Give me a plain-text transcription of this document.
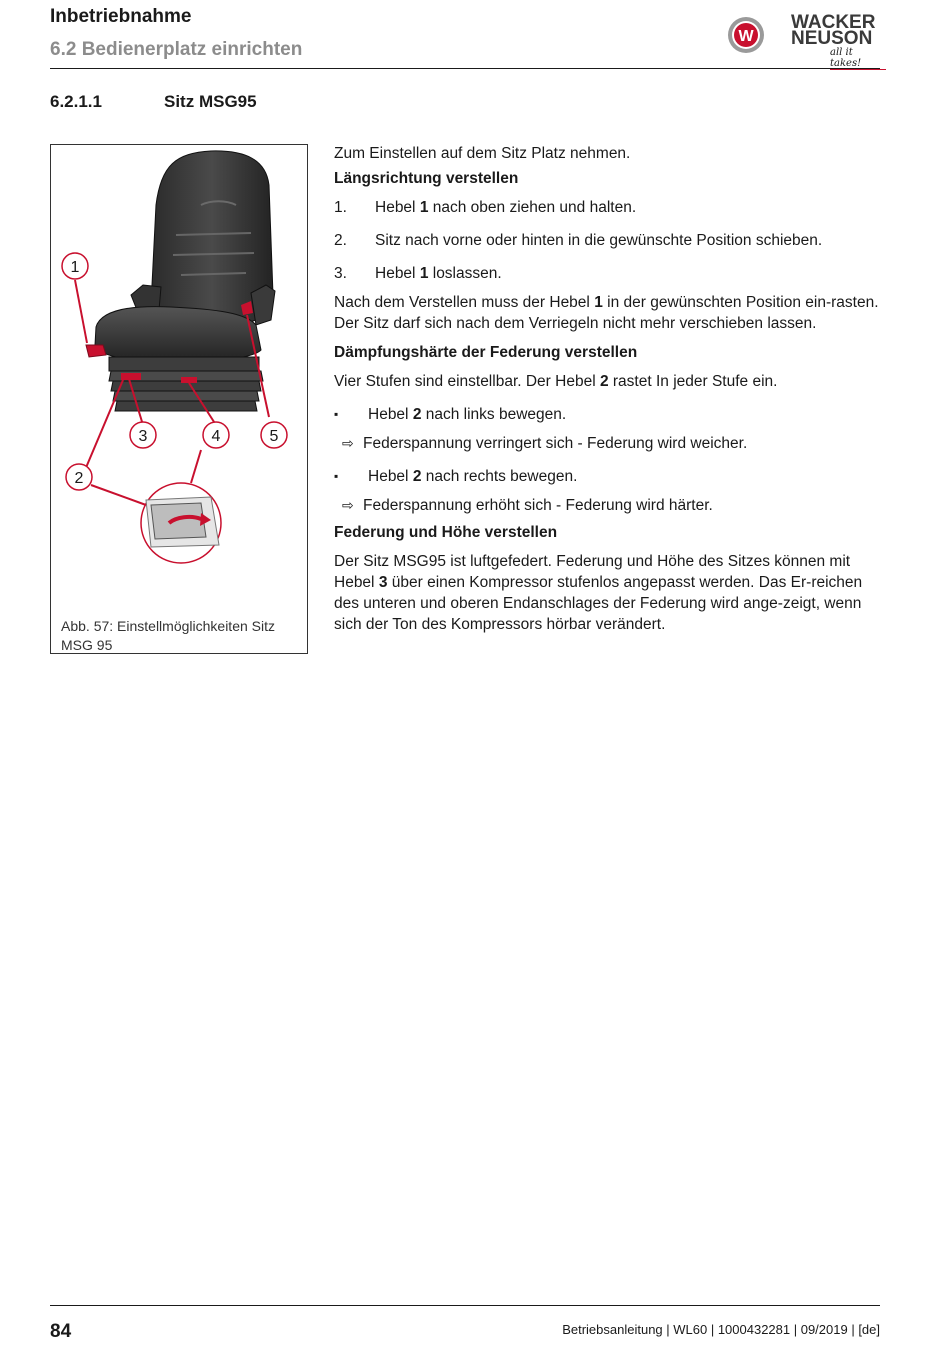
Inbetriebnahme
6.2 Bedienerplatz einrichten
W
WACKER
NEUSON
all it takes!
6.2.1.1	Sitz MSG95
1
2
3	4	5
Abb. 57: Einstellmöglichkeiten Sitz MSG 95

Zum Einstellen auf dem Sitz Platz nehmen.

Längsrichtung verstellen
1. Hebel 1 nach oben ziehen und halten.
2. Sitz nach vorne oder hinten in die gewünschte Position schieben.
3. Hebel 1 loslassen.

Nach dem Verstellen muss der Hebel 1 in der gewünschten Position ein-rasten. Der Sitz darf sich nach dem Verriegeln nicht mehr verschieben lassen.

Dämpfungshärte der Federung verstellen

Vier Stufen sind einstellbar. Der Hebel 2 rastet In jeder Stufe ein.

▪ Hebel 2 nach links bewegen.
⇨ Federspannung verringert sich - Federung wird weicher.
▪ Hebel 2 nach rechts bewegen.
⇨ Federspannung erhöht sich - Federung wird härter.
Federung und Höhe verstellen

Der Sitz MSG95 ist luftgefedert. Federung und Höhe des Sitzes können mit Hebel 3 über einen Kompressor stufenlos angepasst werden. Das Er-reichen des unteren und oberen Endanschlages der Federung wird ange-zeigt, wenn sich der Ton des Kompressors hörbar verändert.

84	Betriebsanleitung | WL60 | 1000432281 | 09/2019 | [de]
